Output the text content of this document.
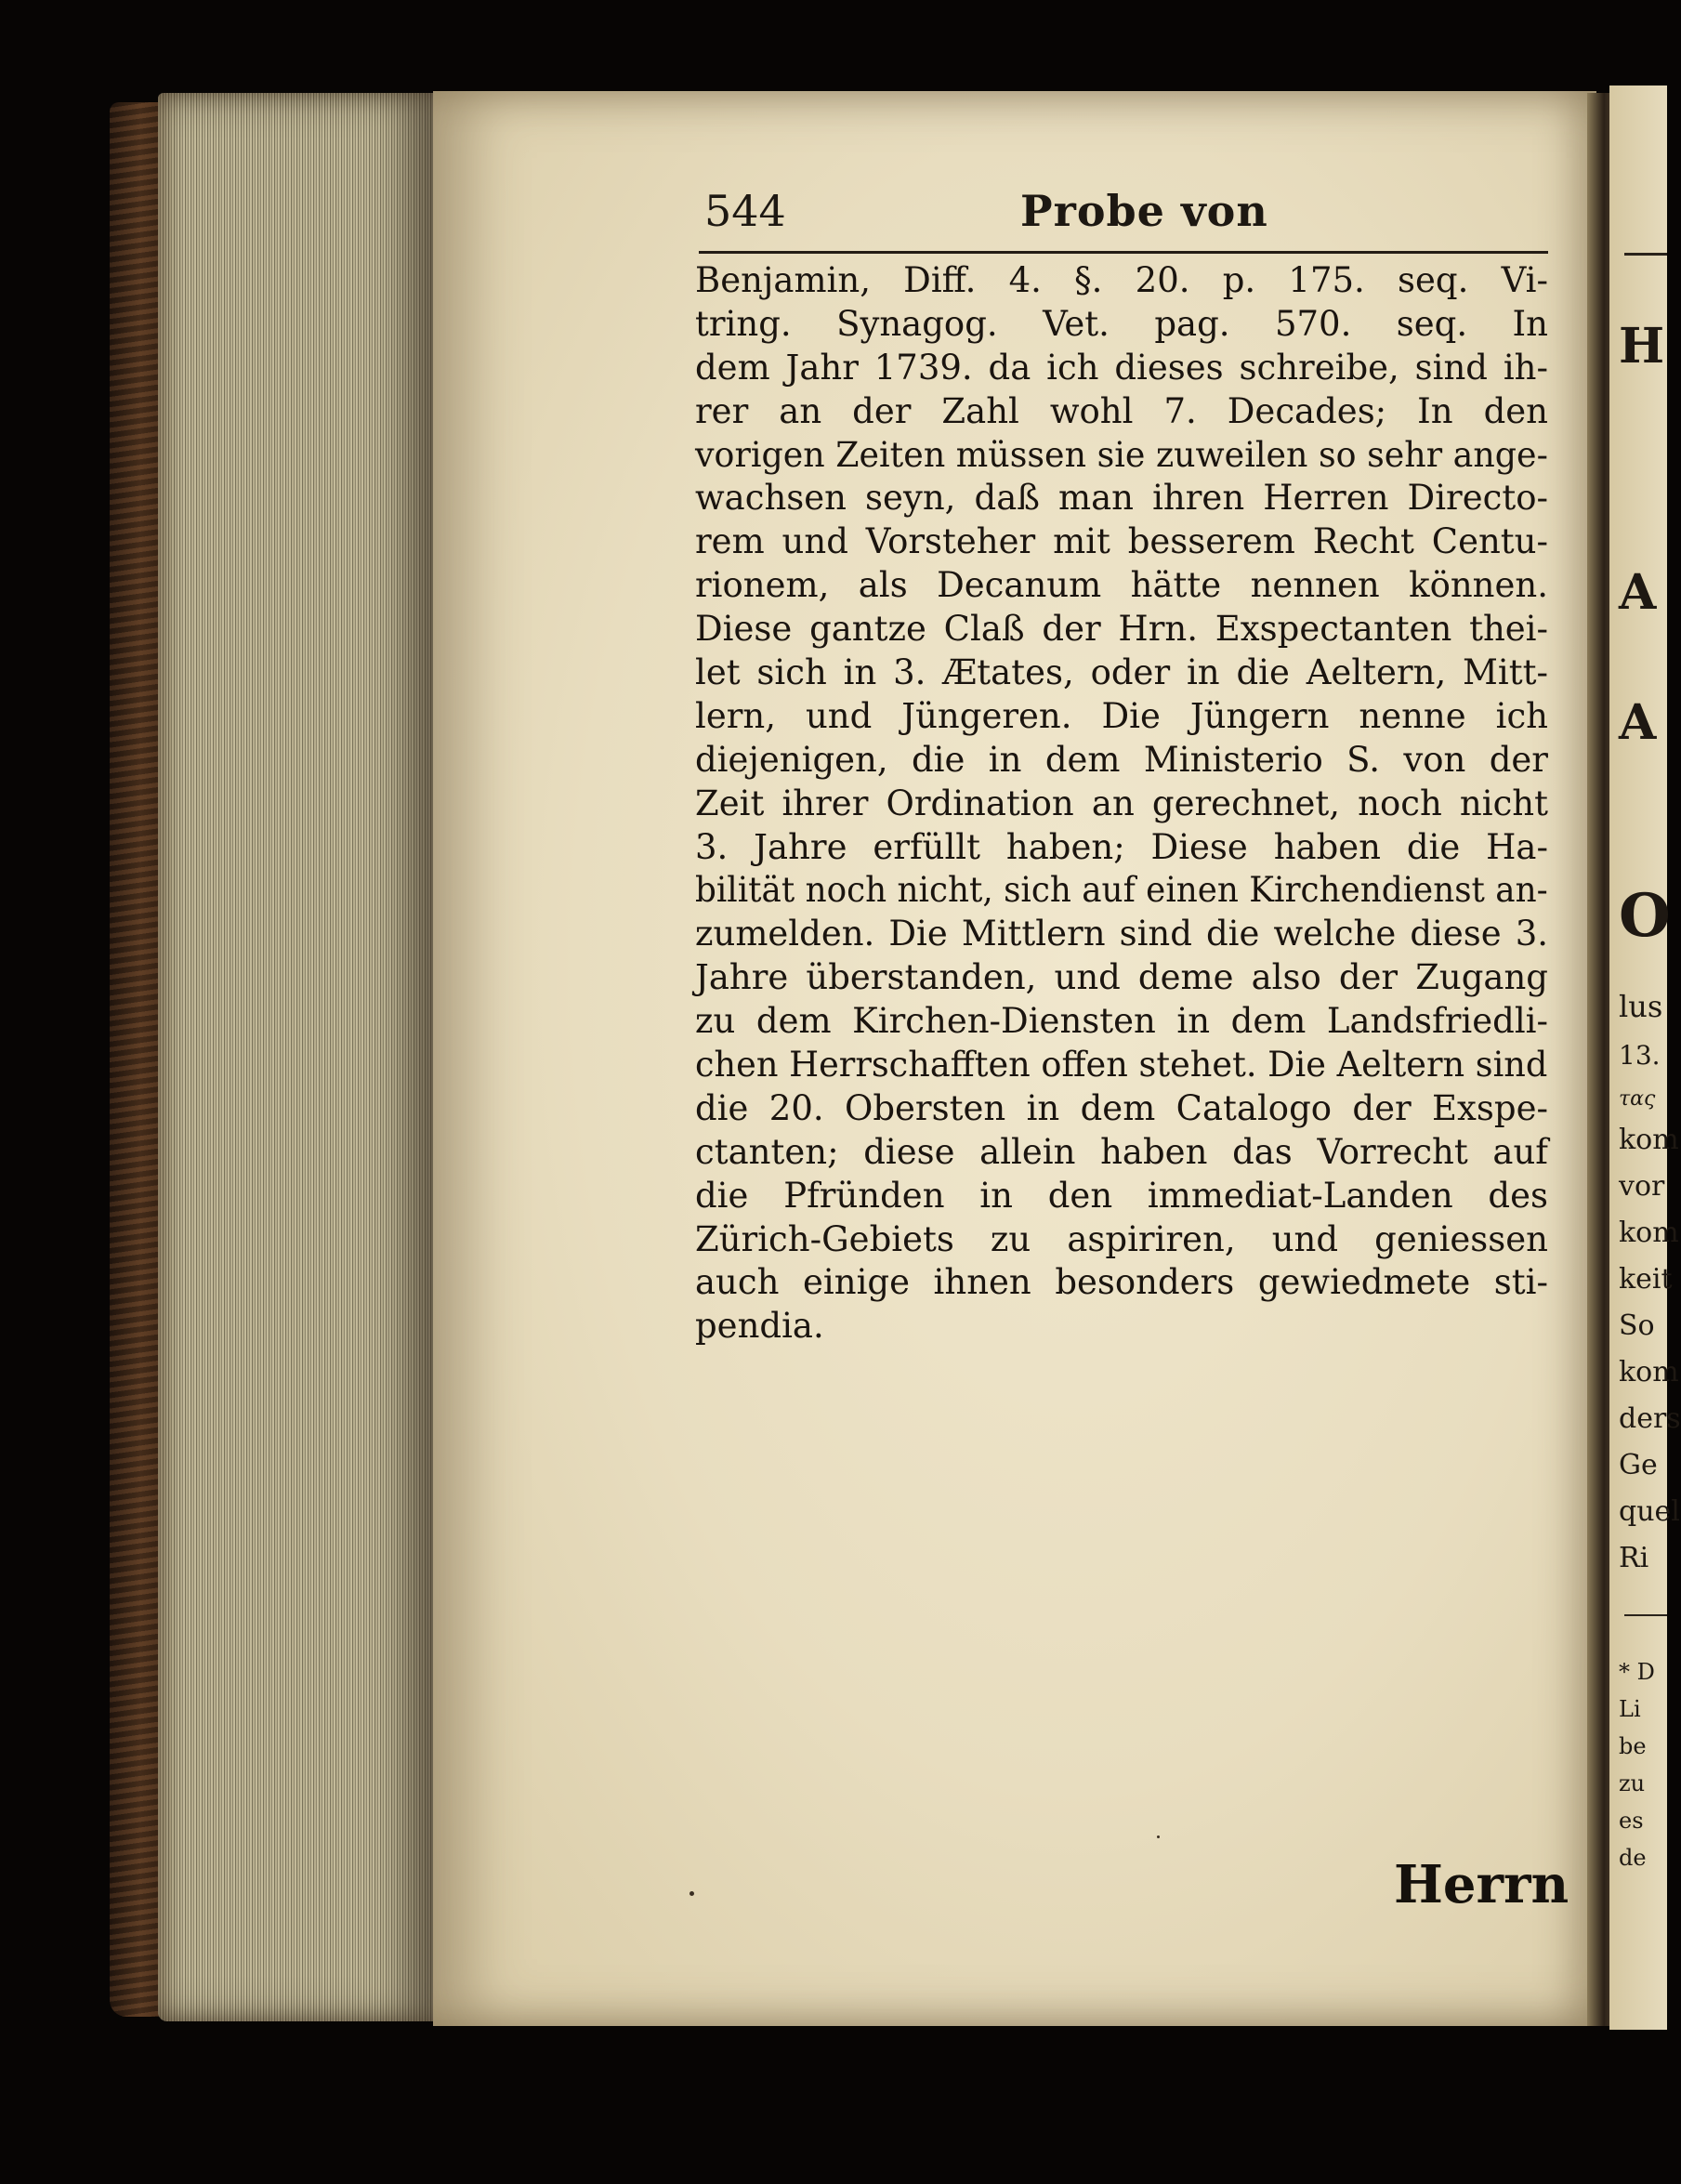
H
A
A
O
lus
13.
τας
kom
vor
kom
keit
So
kom
ders
Ge
quel
Ri
* D
Li
be
zu
es
de
544	Probe von
Benjamin, Diff. 4. §. 20. p. 175. seq. Vi-
tring. Synagog. Vet. pag. 570. seq. In
dem Jahr 1739. da ich dieses schreibe, sind ih-
rer an der Zahl wohl 7. Decades; In den
vorigen Zeiten müssen sie zuweilen so sehr ange-
wachsen seyn, daß man ihren Herren Directo-
rem und Vorsteher mit besserem Recht Centu-
rionem, als Decanum hätte nennen können.
Diese gantze Claß der Hrn. Exspectanten thei-
let sich in 3. Ætates, oder in die Aeltern, Mitt-
lern, und Jüngeren. Die Jüngern nenne ich
diejenigen, die in dem Ministerio S. von der
Zeit ihrer Ordination an gerechnet, noch nicht
3. Jahre erfüllt haben; Diese haben die Ha-
bilität noch nicht, sich auf einen Kirchendienst an-
zumelden. Die Mittlern sind die welche diese 3.
Jahre überstanden, und deme also der Zugang
zu dem Kirchen-Diensten in dem Landsfriedli-
chen Herrschafften offen stehet. Die Aeltern sind
die 20. Obersten in dem Catalogo der Exspe-
ctanten; diese allein haben das Vorrecht auf
die Pfründen in den immediat-Landen des
Zürich-Gebiets zu aspiriren, und geniessen
auch einige ihnen besonders gewiedmete sti-
pendia.
Herrn
